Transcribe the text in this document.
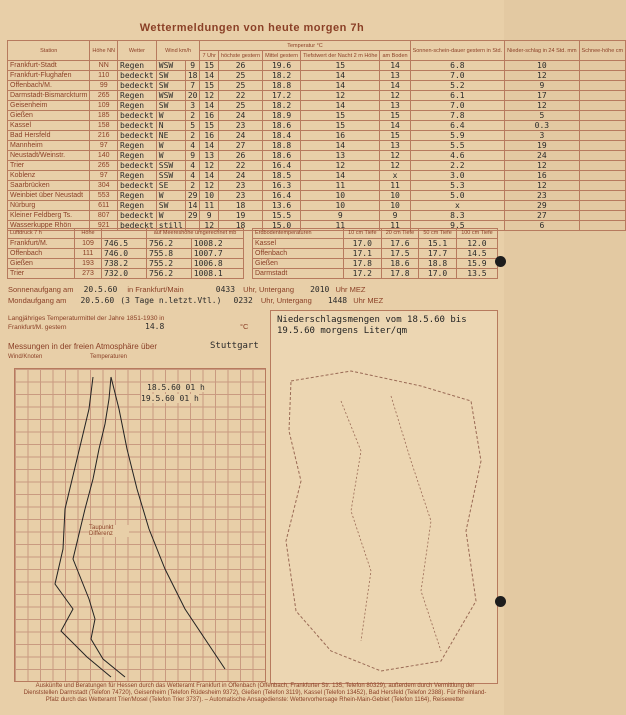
Wettermeldungen von heute morgen 7h
Station	Höhe NN	Wetter	Wind km/h		Temperatur °C					Sonnen-schein-dauer gestern in Std.	Nieder-schlag in 24 Std. mm	Schnee-höhe cm
					7 Uhr	höchste gestern	Mittel gestern	Tiefstwert der Nacht 2 m Höhe	am Boden			
Frankfurt-Stadt	NN	Regen	WSW	9	15	26	19.6	15	14	6.8	10	
Frankfurt-Flughafen	110	bedeckt	SW	18	14	25	18.2	14	13	7.0	12	
Offenbach/M.	99	bedeckt	SW	7	15	25	18.8	14	14	5.2	9	
Darmstadt-Bismarckturm	265	Regen	WSW	20	12	22	17.2	12	12	6.1	17	
Geisenheim	109	Regen	SW	3	14	25	18.2	14	13	7.0	12	
Gießen	185	bedeckt	W	2	16	24	18.9	15	15	7.8	5	
Kassel	158	bedeckt	N	5	15	23	18.6	15	14	6.4	0.3	
Bad Hersfeld	216	bedeckt	NE	2	16	24	18.4	16	15	5.9	3	
Mannheim	97	Regen	W	4	14	27	18.8	14	13	5.5	19	
Neustadt/Weinstr.	140	Regen	W	9	13	26	18.6	13	12	4.6	24	
Trier	265	bedeckt	SSW	4	12	22	16.4	12	12	2.2	12	
Koblenz	97	Regen	SSW	4	14	24	18.5	14	x	3.0	16	
Saarbrücken	304	bedeckt	SE	2	12	23	16.3	11	11	5.3	12	
Weinbiet über Neustadt	553	Regen	W	29	10	23	16.4	10	10	5.0	23	
Nürburg	611	Regen	SW	14	11	18	13.6	10	10	x	29	
Kleiner Feldberg Ts.	807	bedeckt	W	29	9	19	15.5	9	9	8.3	27	
Wasserkuppe Rhön	921	bedeckt	still		12	18	15.0	11	11	9.5	6	
Luftdruck 7 h	Höhe		auf Meereshöhe umgerechnet mb	
Frankfurt/M.	109	746.5	756.2	1008.2
Offenbach	111	746.0	755.8	1007.7
Gießen	193	738.2	755.2	1006.8
Trier	273	732.0	756.2	1008.1
Erdbodentemperaturen	10 cm Tiefe	20 cm Tiefe	50 cm Tiefe	100 cm Tiefe
Kassel	17.0	17.6	15.1	12.0
Offenbach	17.1	17.5	17.7	14.5
Gießen	17.8	18.6	18.8	15.9
Darmstadt	17.2	17.8	17.0	13.5
Sonnenaufgang am 20.5.60 in Frankfurt/Main	0433 Uhr, Untergang 2010 Uhr MEZ
Mondaufgang am 20.5.60 (3 Tage n.letzt.Vtl.) 0232 Uhr, Untergang 1448 Uhr MEZ
Langjähriges Temperaturmittel der Jahre 1851-1930 in
Frankfurt/M. gestern	14.8	°C
Messungen in der freien Atmosphäre über	Stuttgart
Wind/Knoten	Temperaturen
18.5.60 01 h
19.5.60 01 h
Taupunkt Differenz
Niederschlagsmengen vom 18.5.60 bis
19.5.60 morgens Liter/qm
Auskünfte und Beratungen für Hessen durch das Wetteramt Frankfurt in Offenbach (Offenbach, Frankfurter Str. 135, Telefon 80329), außerdem durch Vermittlung der Dienststellen Darmstadt (Telefon 74720), Geisenheim (Telefon Rüdesheim 9372), Gießen (Telefon 3119), Kassel (Telefon 13452), Bad Hersfeld (Telefon 2388). Für Rheinland-Pfalz durch das Wetteramt Trier/Mosel (Telefon Trier 3737). – Automatische Ansagedienste: Wettervorhersage Rhein-Main-Gebiet (Telefon 1164), Reisewetter
